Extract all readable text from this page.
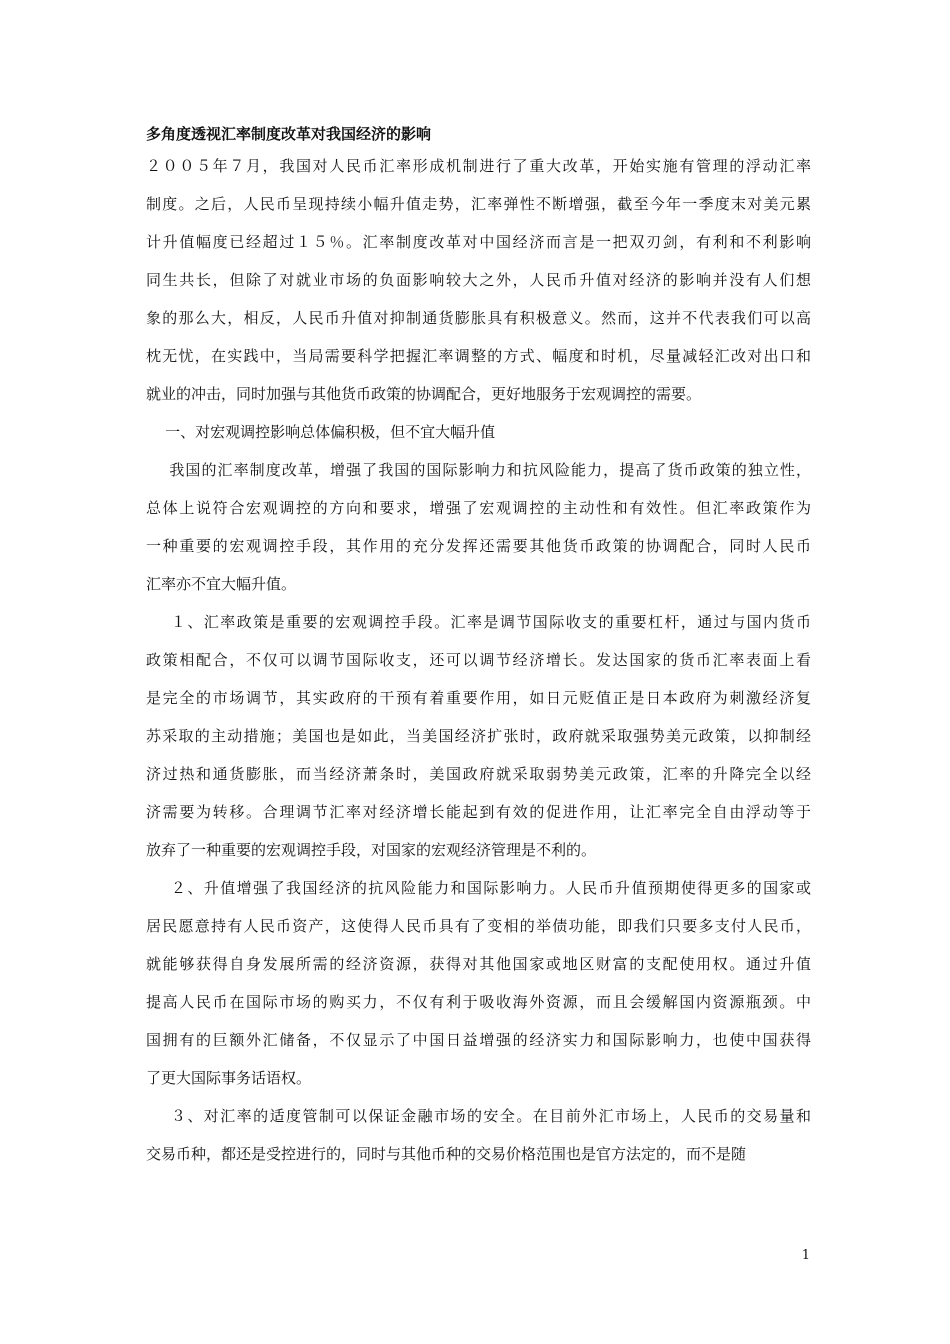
多角度透视汇率制度改革对我国经济的影响
２００５年７月，我国对人民币汇率形成机制进行了重大改革，开始实施有管理的浮动汇率
制度。之后，人民币呈现持续小幅升值走势，汇率弹性不断增强，截至今年一季度末对美元累
计升值幅度已经超过１５％。汇率制度改革对中国经济而言是一把双刃剑，有利和不利影响
同生共长，但除了对就业市场的负面影响较大之外，人民币升值对经济的影响并没有人们想
象的那么大，相反，人民币升值对抑制通货膨胀具有积极意义。然而，这并不代表我们可以高
枕无忧，在实践中，当局需要科学把握汇率调整的方式、幅度和时机，尽量减轻汇改对出口和
就业的冲击，同时加强与其他货币政策的协调配合，更好地服务于宏观调控的需要。
一、对宏观调控影响总体偏积极，但不宜大幅升值
我国的汇率制度改革，增强了我国的国际影响力和抗风险能力，提高了货币政策的独立性，
总体上说符合宏观调控的方向和要求，增强了宏观调控的主动性和有效性。但汇率政策作为
一种重要的宏观调控手段，其作用的充分发挥还需要其他货币政策的协调配合，同时人民币
汇率亦不宜大幅升值。
１、汇率政策是重要的宏观调控手段。汇率是调节国际收支的重要杠杆，通过与国内货币
政策相配合，不仅可以调节国际收支，还可以调节经济增长。发达国家的货币汇率表面上看
是完全的市场调节，其实政府的干预有着重要作用，如日元贬值正是日本政府为刺激经济复
苏采取的主动措施；美国也是如此，当美国经济扩张时，政府就采取强势美元政策，以抑制经
济过热和通货膨胀，而当经济萧条时，美国政府就采取弱势美元政策，汇率的升降完全以经
济需要为转移。合理调节汇率对经济增长能起到有效的促进作用，让汇率完全自由浮动等于
放弃了一种重要的宏观调控手段，对国家的宏观经济管理是不利的。
２、升值增强了我国经济的抗风险能力和国际影响力。人民币升值预期使得更多的国家或
居民愿意持有人民币资产，这使得人民币具有了变相的举债功能，即我们只要多支付人民币，
就能够获得自身发展所需的经济资源，获得对其他国家或地区财富的支配使用权。通过升值
提高人民币在国际市场的购买力，不仅有利于吸收海外资源，而且会缓解国内资源瓶颈。中
国拥有的巨额外汇储备，不仅显示了中国日益增强的经济实力和国际影响力，也使中国获得
了更大国际事务话语权。
３、对汇率的适度管制可以保证金融市场的安全。在目前外汇市场上，人民币的交易量和
交易币种，都还是受控进行的，同时与其他币种的交易价格范围也是官方法定的，而不是随
1
